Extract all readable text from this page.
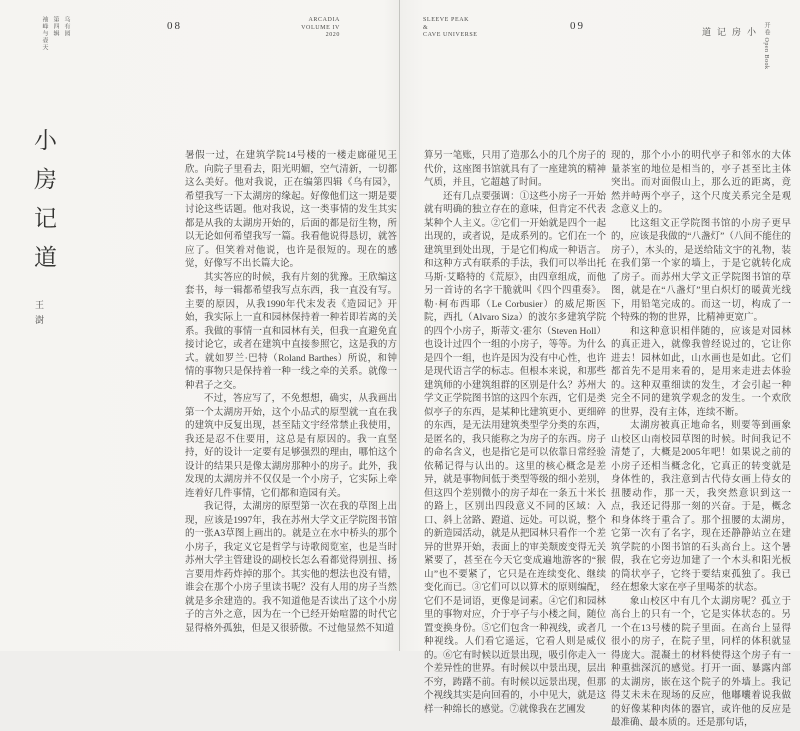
乌有园
第四辑
袖峰与壶天	08	ARCADIA
VOLUME IV
2020
小房记道
王澍

暑假一过，在建筑学院14号楼的一楼走廊碰见王欣。向院子里看去，阳光明媚，空气清新，一切都这么美好。他对我说，正在编第四辑《乌有园》，希望我写一下太湖房的缘起。好像他们这一期是要讨论这些话题。他对我说，这一类事情的发生其实都是从我的太湖房开始的，后面的都是衍生物，所以无论如何希望我写一篇。我看他说得恳切，就答应了。但笑着对他说，也许是很短的。现在的感觉，好像写不出长篇大论。

其实答应的时候，我有片刻的犹豫。王欣编这套书，每一辑都希望我写点东西，我一直没有写。主要的原因，从我1990年代末发表《造园记》开始，我实际上一直和园林保持着一种若即若离的关系。我做的事情一直和园林有关，但我一直避免直接讨论它，或者在建筑中直接参照它，这是我的方式。就如罗兰·巴特（Roland Barthes）所说，和钟情的事物只是保持着一种一线之牵的关系。就像一种君子之交。

不过，答应写了，不免想想，确实，从我画出第一个太湖房开始，这个小品式的原型就一直在我的建筑中反复出现，甚至陆文宇经常禁止我使用，我还是忍不住要用，这总是有原因的。我一直坚持，好的设计一定要有足够强烈的理由，哪怕这个设计的结果只是像太湖房那种小的房子。此外，我发现的太湖房并不仅仅是一个小房子，它实际上牵连着好几件事情，它们都和造园有关。

我记得，太湖房的原型第一次在我的草图上出现，应该是1997年，我在苏州大学文正学院图书馆的一张A3草图上画出的。就是立在水中桥头的那个小房子，我定义它是哲学与诗歌阅览室，也是当时苏州大学主管建设的副校长怎么看都觉得别扭、扬言要用炸药炸掉的那个。其实他的想法也没有错，谁会在那个小房子里读书呢？没有人用的房子当然就是多余建造的。我不知道他是否读出了这个小房子的言外之意，因为在一个已经开始喧嚣的时代它显得格外孤独，但是又很骄傲。不过他显然不知道

SLEEVE PEAK
&
CAVE UNIVERSE
09	道记房小 开卷 Open Book

算另一笔账，只用了造那么小的几个房子的代价，这座图书馆就具有了一座建筑的精神气质，并且，它超越了时间。

还有几点要强调：①这些小房子一开始就有明确的独立存在的意味，但肯定不代表某种个人主义。②它们一开始就是四个一起出现的，或者说，是成系列的。它们在一个建筑里到处出现，于是它们构成一种语言。和这种方式有联系的手法，我们可以举出托马斯·艾略特的《荒原》，由四章组成，而他另一首诗的名字干脆就叫《四个四重奏》。勒·柯布西耶（Le Corbusier）的威尼斯医院，西扎（Alvaro Siza）的波尔多建筑学院的四个小房子，斯蒂文·霍尔（Steven Holl）也设计过四个一组的小房子，等等。为什么是四个一组，也许是因为没有中心性，也许是现代语言学的标志。但根本来说，和那些建筑师的小建筑组群的区别是什么？苏州大学文正学院图书馆的这四个东西，它们是类似亭子的东西，是某种比建筑更小、更细碎的东西，是无法用建筑类型学分类的东西，是匿名的，我只能称之为房子的东西。房子的命名含义，也是指它是可以依靠日常经验依稀记得与认出的。这里的核心概念是差异，就是事物间低于类型等级的细小差别，但这四个差别微小的房子却在一条五十米长的路上，区别出四段意义不同的区域：入口、斜上岔路、蹬道、远处。可以说，整个的新造园活动，就是从把园林只看作一个差异的世界开始，表面上的审美颓废变得无关紧要了，甚至在今天它变成遍地游客的“猴山”也不要紧了，它只是在连续变化、继续变化而已。③它们可以以算术的原则编配，它们不是词语，更像是词素。④它们和园林里的事物对应，介于亭子与小楼之间，随位置变换身份。⑤它们包含一种视线，或者几种视线。人们看它遥远，它看人则是威仪的。⑥它有时候以近景出现，吸引你走入一个差异性的世界。有时候以中景出现，层出不穷，踌躇不前。有时候以远景出现，但那个视线其实是向回看的，小中见大，就是这样一种绵长的感觉。⑦就像我在艺圃发

现的，那个小小的明代亭子和邻水的大体量茶室的地位是相当的，亭子甚至比主体突出。而对面假山上，那么近的距离，竟然并峙两个亭子，这个尺度关系完全是观念意义上的。

比这组文正学院图书馆的小房子更早的，应该是我做的“八盏灯”（八间不能住的房子），木头的，是送给陆文宇的礼物，装在我们第一个家的墙上，于是它就转化成了房子。而苏州大学文正学院图书馆的草图，就是在“八盏灯”里白炽灯的暖黄光线下，用铅笔完成的。而这一切，构成了一个特殊的物的世界，比精神更宽广。

和这种意识相伴随的，应该是对园林的真正进入，就像我曾经说过的，它让你进去！园林如此，山水画也是如此。它们都首先不是用来看的，是用来走进去体验的。这种双重细读的发生，才会引起一种完全不同的建筑学观念的发生。一个欢欣的世界，没有主体，连续不断。

太湖房被真正地命名，则要等到画象山校区山南校园草图的时候。时间我记不清楚了，大概是2005年吧！如果说之前的小房子还相当概念化，它真正的转变就是身体性的，我注意到古代侍女画上侍女的扭腰动作，那一天，我突然意识到这一点，我还记得那一刻的兴奋。于是，概念和身体终于重合了。那个扭腰的太湖房，它第一次有了名字，现在还静静站立在建筑学院的小图书馆的石头高台上。这个暑假，我在它旁边加建了一个木头和阳光板的筒状亭子，它终于要结束孤独了。我已经在想象大家在亭子里喝茶的状态。

象山校区中有几个太湖房呢？孤立于高台上的只有一个，它是实体状态的。另一个在13号楼的院子里面。在高台上显得很小的房子，在院子里，同样的体积就显得庞大。混凝土的材料使得这个房子有一种重拙深沉的感觉。打开一面、暴露内部的太湖房，嵌在这个院子的外墙上。我记得艾未未在现场的反应，他嘟囔着说我做的好像某种肉体的器官，或许他的反应是最准确、最本质的。还是那句话，
